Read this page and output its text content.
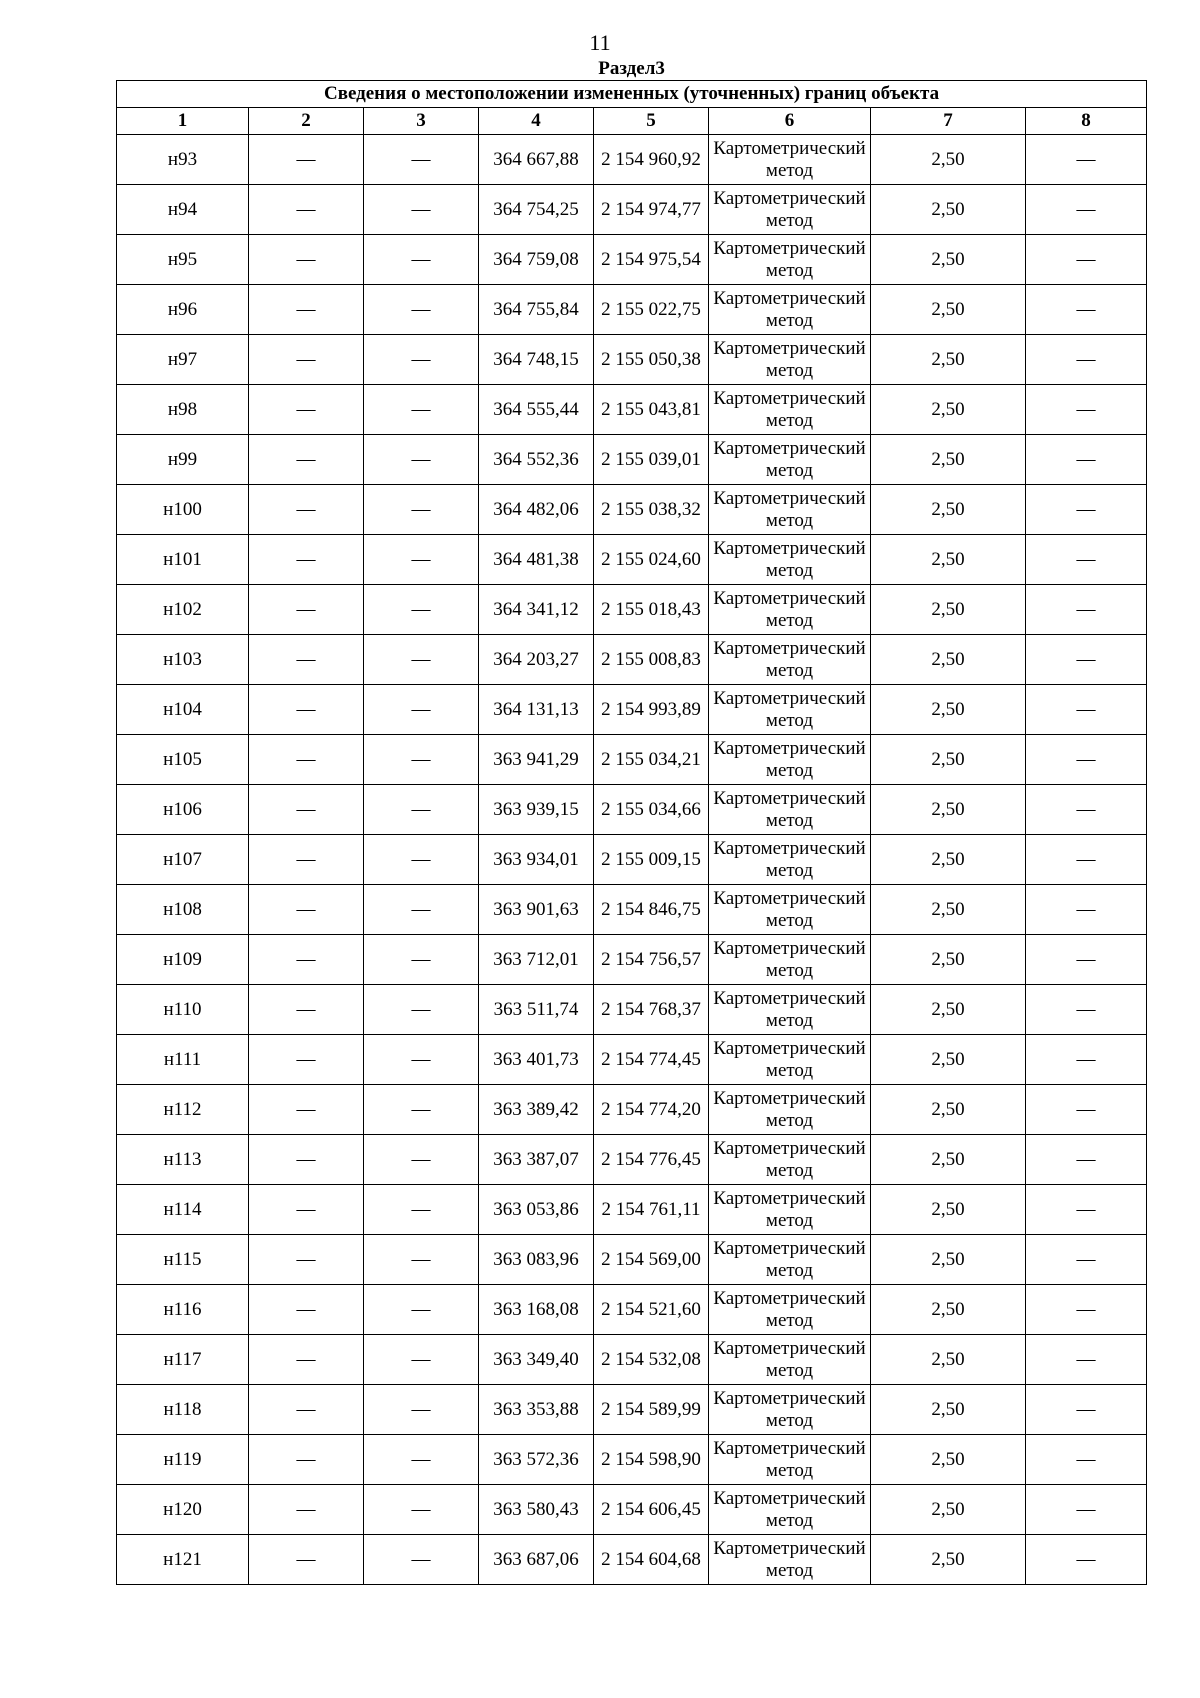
11
Раздел3							
Сведения о местоположении измененных (уточненных) границ объекта							
1	2	3	4	5	6	7	8
н93	—	—	364 667,88	2 154 960,92	Картометрический метод	2,50	—
н94	—	—	364 754,25	2 154 974,77	Картометрический метод	2,50	—
н95	—	—	364 759,08	2 154 975,54	Картометрический метод	2,50	—
н96	—	—	364 755,84	2 155 022,75	Картометрический метод	2,50	—
н97	—	—	364 748,15	2 155 050,38	Картометрический метод	2,50	—
н98	—	—	364 555,44	2 155 043,81	Картометрический метод	2,50	—
н99	—	—	364 552,36	2 155 039,01	Картометрический метод	2,50	—
н100	—	—	364 482,06	2 155 038,32	Картометрический метод	2,50	—
н101	—	—	364 481,38	2 155 024,60	Картометрический метод	2,50	—
н102	—	—	364 341,12	2 155 018,43	Картометрический метод	2,50	—
н103	—	—	364 203,27	2 155 008,83	Картометрический метод	2,50	—
н104	—	—	364 131,13	2 154 993,89	Картометрический метод	2,50	—
н105	—	—	363 941,29	2 155 034,21	Картометрический метод	2,50	—
н106	—	—	363 939,15	2 155 034,66	Картометрический метод	2,50	—
н107	—	—	363 934,01	2 155 009,15	Картометрический метод	2,50	—
н108	—	—	363 901,63	2 154 846,75	Картометрический метод	2,50	—
н109	—	—	363 712,01	2 154 756,57	Картометрический метод	2,50	—
н110	—	—	363 511,74	2 154 768,37	Картометрический метод	2,50	—
н111	—	—	363 401,73	2 154 774,45	Картометрический метод	2,50	—
н112	—	—	363 389,42	2 154 774,20	Картометрический метод	2,50	—
н113	—	—	363 387,07	2 154 776,45	Картометрический метод	2,50	—
н114	—	—	363 053,86	2 154 761,11	Картометрический метод	2,50	—
н115	—	—	363 083,96	2 154 569,00	Картометрический метод	2,50	—
н116	—	—	363 168,08	2 154 521,60	Картометрический метод	2,50	—
н117	—	—	363 349,40	2 154 532,08	Картометрический метод	2,50	—
н118	—	—	363 353,88	2 154 589,99	Картометрический метод	2,50	—
н119	—	—	363 572,36	2 154 598,90	Картометрический метод	2,50	—
н120	—	—	363 580,43	2 154 606,45	Картометрический метод	2,50	—
н121	—	—	363 687,06	2 154 604,68	Картометрический метод	2,50	—
